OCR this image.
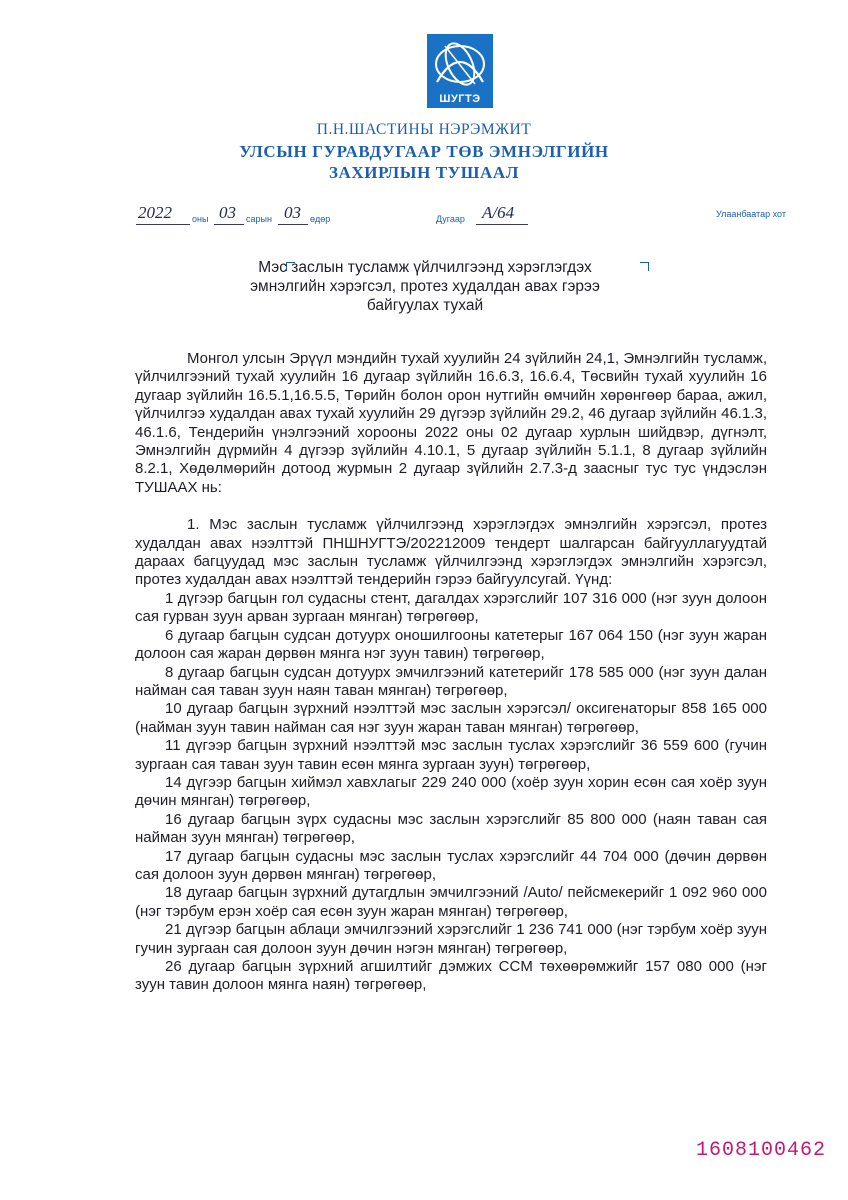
ШУГТЭ
П.Н.ШАСТИНЫ НЭРЭМЖИТ
УЛСЫН ГУРАВДУГААР ТӨВ ЭМНЭЛГИЙН
ЗАХИРЛЫН ТУШААЛ
2022 оны 03 сарын 03 өдөр	Дугаар А/64	Улаанбаатар хот
Мэс заслын тусламж үйлчилгээнд хэрэглэгдэх
эмнэлгийн хэрэгсэл, протез худалдан авах гэрээ
байгуулах тухай

Монгол улсын Эрүүл мэндийн тухай хуулийн 24 зүйлийн 24,1, Эмнэлгийн тусламж, үйлчилгээний тухай хуулийн 16 дугаар зүйлийн 16.6.3, 16.6.4, Төсвийн тухай хуулийн 16 дугаар зүйлийн 16.5.1,16.5.5, Төрийн болон орон нутгийн өмчийн хөрөнгөөр бараа, ажил, үйлчилгээ худалдан авах тухай хуулийн 29 дүгээр зүйлийн 29.2, 46 дугаар зүйлийн 46.1.3, 46.1.6, Тендерийн үнэлгээний хорооны 2022 оны 02 дугаар хурлын шийдвэр, дүгнэлт, Эмнэлгийн дүрмийн 4 дүгээр зүйлийн 4.10.1, 5 дугаар зүйлийн 5.1.1, 8 дугаар зүйлийн 8.2.1, Хөдөлмөрийн дотоод журмын 2 дугаар зүйлийн 2.7.3-д заасныг тус тус үндэслэн ТУШААХ нь:

1. Мэс заслын тусламж үйлчилгээнд хэрэглэгдэх эмнэлгийн хэрэгсэл, протез худалдан авах нээлттэй ПНШНУГТЭ/202212009 тендерт шалгарсан байгууллагуудтай дараах багцуудад мэс заслын тусламж үйлчилгээнд хэрэглэгдэх эмнэлгийн хэрэгсэл, протез худалдан авах нээлттэй тендерийн гэрээ байгуулсугай. Үүнд:

1 дүгээр багцын гол судасны стент, дагалдах хэрэгслийг 107 316 000 (нэг зуун долоон сая гурван зуун арван зургаан мянган) төгрөгөөр,

6 дугаар багцын судсан дотуурх оношилгооны катетерыг 167 064 150 (нэг зуун жаран долоон сая жаран дөрвөн мянга нэг зуун тавин) төгрөгөөр,

8 дугаар багцын судсан дотуурх эмчилгээний катетерийг 178 585 000 (нэг зуун далан найман сая таван зуун наян таван мянган) төгрөгөөр,

10 дугаар багцын зүрхний нээлттэй мэс заслын хэрэгсэл/ оксигенаторыг 858 165 000 (найман зуун тавин найман сая нэг зуун жаран таван мянган) төгрөгөөр,

11 дүгээр багцын зүрхний нээлттэй мэс заслын туслах хэрэгслийг 36 559 600 (гучин зургаан сая таван зуун тавин есөн мянга зургаан зуун) төгрөгөөр,

14 дүгээр багцын хиймэл хавхлагыг 229 240 000 (хоёр зуун хорин есөн сая хоёр зуун дөчин мянган) төгрөгөөр,

16 дугаар багцын зүрх судасны мэс заслын хэрэгслийг 85 800 000 (наян таван сая найман зуун мянган) төгрөгөөр,

17 дугаар багцын судасны мэс заслын туслах хэрэгслийг 44 704 000 (дөчин дөрвөн сая долоон зуун дөрвөн мянган) төгрөгөөр,

18 дугаар багцын зүрхний дутагдлын эмчилгээний /Auto/ пейсмекерийг 1 092 960 000 (нэг тэрбум ерэн хоёр сая есөн зуун жаран мянган) төгрөгөөр,

21 дүгээр багцын аблаци эмчилгээний хэрэгслийг 1 236 741 000 (нэг тэрбум хоёр зуун гучин зургаан сая долоон зуун дөчин нэгэн мянган) төгрөгөөр,

26 дугаар багцын зүрхний агшилтийг дэмжих CCM төхөөрөмжийг 157 080 000 (нэг зуун тавин долоон мянга наян) төгрөгөөр,

1608100462
